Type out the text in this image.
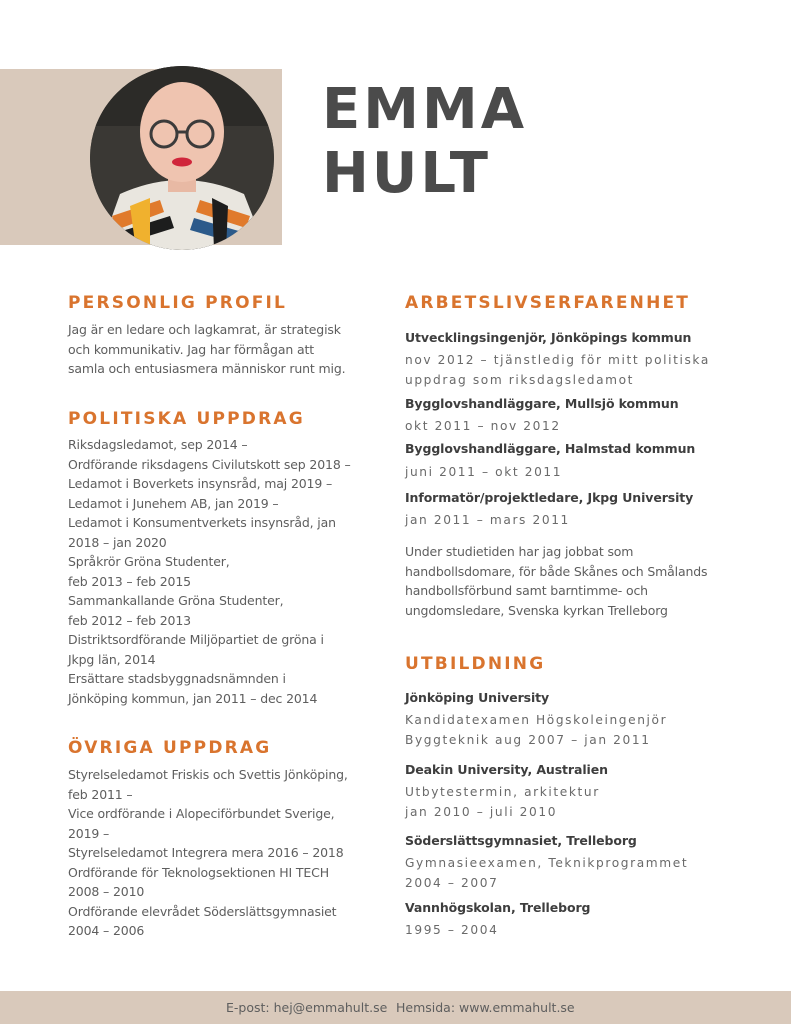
EMMA
HULT
PERSONLIG PROFIL
Jag är en ledare och lagkamrat, är strategisk
och kommunikativ. Jag har förmågan att
samla och entusiasmera människor runt mig.
POLITISKA UPPDRAG
Riksdagsledamot, sep 2014 –
Ordförande riksdagens Civilutskott sep 2018 –
Ledamot i Boverkets insynsråd, maj 2019 –
Ledamot i Junehem AB, jan 2019 –
Ledamot i Konsumentverkets insynsråd, jan
2018 – jan 2020
Språkrör Gröna Studenter,
feb 2013 – feb 2015
Sammankallande Gröna Studenter,
feb 2012 – feb 2013
Distriktsordförande Miljöpartiet de gröna i
Jkpg län, 2014
Ersättare stadsbyggnadsnämnden i
Jönköping kommun, jan 2011 – dec 2014
ÖVRIGA UPPDRAG
Styrelseledamot Friskis och Svettis Jönköping,
feb 2011 –
Vice ordförande i Alopeciförbundet Sverige,
2019 –
Styrelseledamot Integrera mera 2016 – 2018
Ordförande för Teknologsektionen HI TECH
2008 – 2010
Ordförande elevrådet Söderslättsgymnasiet
2004 – 2006
ARBETSLIVSERFARENHET

Utvecklingsingenjör, Jönköpings kommun

nov 2012 – tjänstledig för mitt politiska
uppdrag som riksdagsledamot

Bygglovshandläggare, Mullsjö kommun

okt 2011 – nov 2012

Bygglovshandläggare, Halmstad kommun

juni 2011 – okt 2011

Informatör/projektledare, Jkpg University

jan 2011 – mars 2011
Under studietiden har jag jobbat som
handbollsdomare, för både Skånes och Smålands
handbollsförbund samt barntimme- och
ungdomsledare, Svenska kyrkan Trelleborg
UTBILDNING

Jönköping University

Kandidatexamen Högskoleingenjör
Byggteknik aug 2007 – jan 2011

Deakin University, Australien

Utbytestermin, arkitektur
jan 2010 – juli 2010

Söderslättsgymnasiet, Trelleborg

Gymnasieexamen, Teknikprogrammet
2004 – 2007

Vannhögskolan, Trelleborg

1995 – 2004
E-post: hej@emmahult.se Hemsida: www.emmahult.se
